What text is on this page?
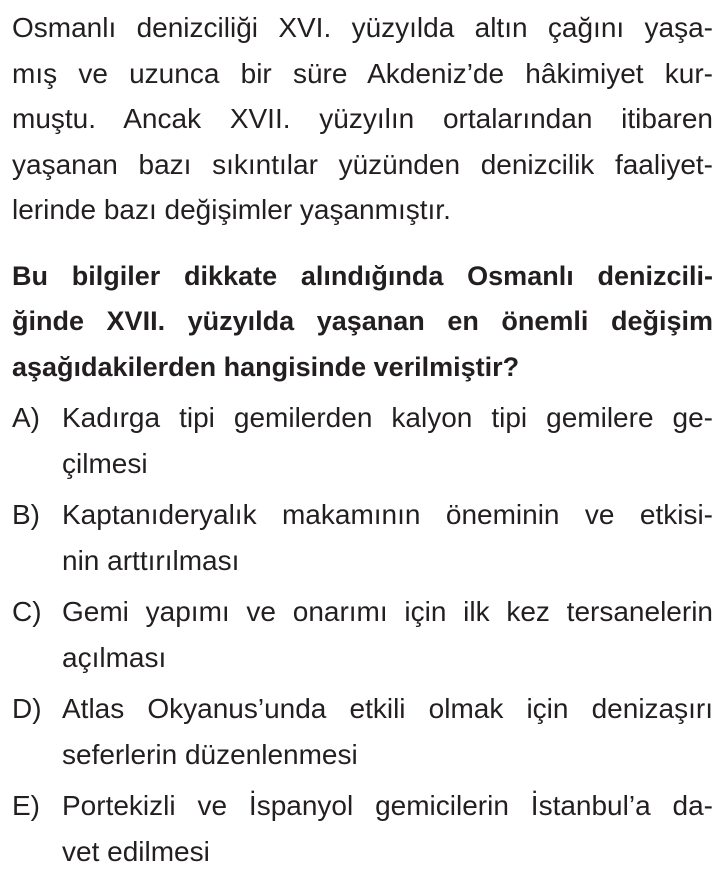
Osmanlı denizciliği XVI. yüzyılda altın çağını yaşa-
mış ve uzunca bir süre Akdeniz’de hâkimiyet kur-
muştu. Ancak XVII. yüzyılın ortalarından itibaren
yaşanan bazı sıkıntılar yüzünden denizcilik faaliyet-
lerinde bazı değişimler yaşanmıştır.
Bu bilgiler dikkate alındığında Osmanlı denizcili-
ğinde XVII. yüzyılda yaşanan en önemli değişim
aşağıdakilerden hangisinde verilmiştir?
A) Kadırga tipi gemilerden kalyon tipi gemilere ge-
çilmesi
B) Kaptanıderyalık makamının öneminin ve etkisi-
nin arttırılması
C) Gemi yapımı ve onarımı için ilk kez tersanelerin
açılması
D) Atlas Okyanus’unda etkili olmak için denizaşırı
seferlerin düzenlenmesi
E) Portekizli ve İspanyol gemicilerin İstanbul’a da-
vet edilmesi
